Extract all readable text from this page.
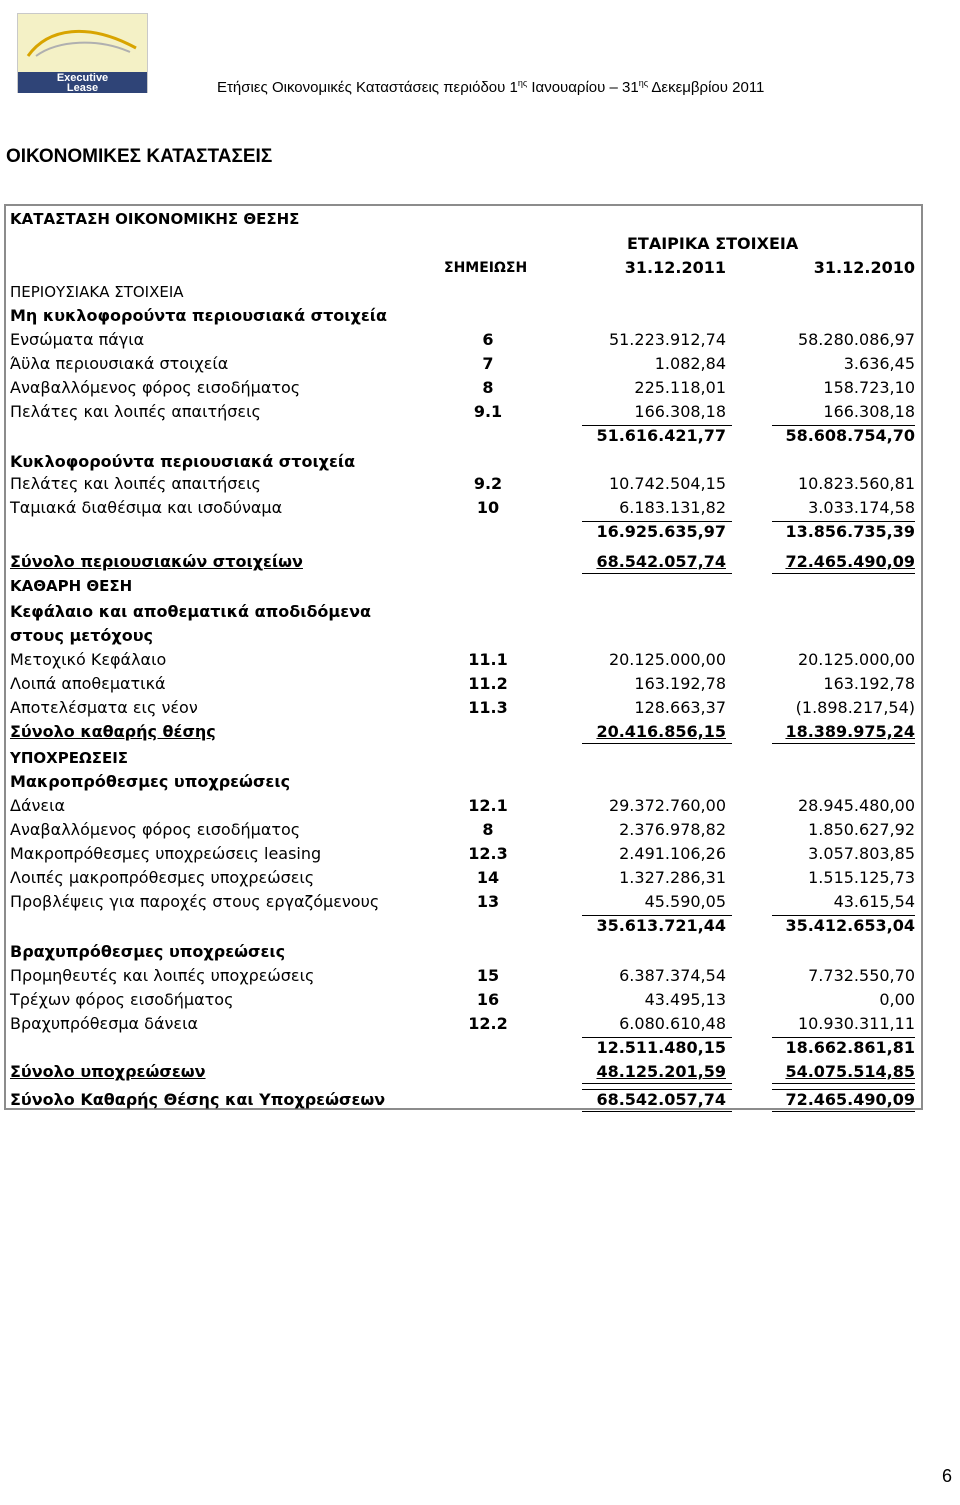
Executive
Lease	Ετήσιες Οικονομικές Καταστάσεις περιόδου $1^{\eta\varsigma}$ Ιανουαρίου – $31^{\eta\varsigma}$ Δεκεμβρίου 2011
ΟΙΚΟΝΟΜΙΚΕΣ ΚΑΤΑΣΤΑΣΕΙΣ
ΚΑΤΑΣΤΑΣΗ ΟΙΚΟΝΟΜΙΚΗΣ ΘΕΣΗΣ
ΕΤΑΙΡΙΚΑ ΣΤΟΙΧΕΙΑ
ΣΗΜΕΙΩΣΗ	31.12.2011	31.12.2010
ΠΕΡΙΟΥΣΙΑΚΑ ΣΤΟΙΧΕΙΑ
Μη κυκλοφορούντα περιουσιακά στοιχεία
Ενσώματα πάγια	6	51.223.912,74	58.280.086,97
Άϋλα περιουσιακά στοιχεία	7	1.082,84	3.636,45
Αναβαλλόμενος φόρος εισοδήματος	8	225.118,01	158.723,10
Πελάτες και λοιπές απαιτήσεις	9.1	166.308,18	166.308,18
51.616.421,77	58.608.754,70
Κυκλοφορούντα περιουσιακά στοιχεία
Πελάτες και λοιπές απαιτήσεις	9.2	10.742.504,15	10.823.560,81
Ταμιακά διαθέσιμα και ισοδύναμα	10	6.183.131,82	3.033.174,58
16.925.635,97	13.856.735,39
Σύνολο περιουσιακών στοιχείων	68.542.057,74	72.465.490,09
ΚΑΘΑΡΗ ΘΕΣΗ
Κεφάλαιο και αποθεματικά αποδιδόμενα
στους μετόχους
Μετοχικό Κεφάλαιο	11.1	20.125.000,00	20.125.000,00
Λοιπά αποθεματικά	11.2	163.192,78	163.192,78
Αποτελέσματα εις νέον	11.3	128.663,37	(1.898.217,54)
Σύνολο καθαρής θέσης	20.416.856,15	18.389.975,24
ΥΠΟΧΡΕΩΣΕΙΣ
Μακροπρόθεσμες υποχρεώσεις
Δάνεια	12.1	29.372.760,00	28.945.480,00
Αναβαλλόμενος φόρος εισοδήματος	8	2.376.978,82	1.850.627,92
Μακροπρόθεσμες υποχρεώσεις leasing	12.3	2.491.106,26	3.057.803,85
Λοιπές μακροπρόθεσμες υποχρεώσεις	14	1.327.286,31	1.515.125,73
Προβλέψεις για παροχές στους εργαζόμενους	13	45.590,05	43.615,54
35.613.721,44	35.412.653,04
Βραχυπρόθεσμες υποχρεώσεις
Προμηθευτές και λοιπές υποχρεώσεις	15	6.387.374,54	7.732.550,70
Τρέχων φόρος εισοδήματος	16	43.495,13	0,00
Βραχυπρόθεσμα δάνεια	12.2	6.080.610,48	10.930.311,11
12.511.480,15	18.662.861,81
Σύνολο υποχρεώσεων	48.125.201,59	54.075.514,85
Σύνολο Καθαρής Θέσης και Υποχρεώσεων	68.542.057,74	72.465.490,09
6
